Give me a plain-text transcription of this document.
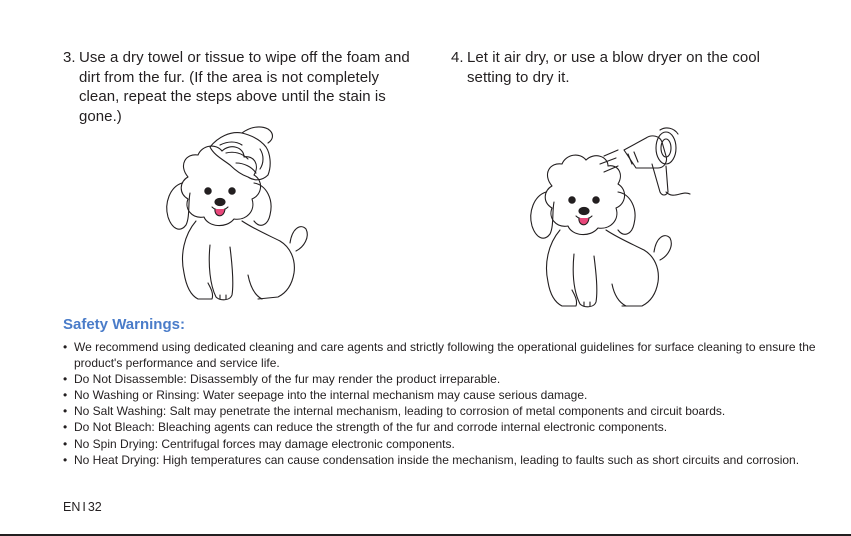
3. Use a dry towel or tissue to wipe off the foam and dirt from the fur. (If the area is not completely clean, repeat the steps above until the stain is gone.)
4. Let it air dry, or use a blow dryer on the cool setting to dry it.
Safety Warnings:
• We recommend using dedicated cleaning and care agents and strictly following the operational guidelines for surface cleaning to ensure the product's performance and service life.
• Do Not Disassemble: Disassembly of the fur may render the product irreparable.
• No Washing or Rinsing: Water seepage into the internal mechanism may cause serious damage.
• No Salt Washing: Salt may penetrate the internal mechanism, leading to corrosion of metal components and circuit boards.
• Do Not Bleach: Bleaching agents can reduce the strength of the fur and corrode internal electronic components.
• No Spin Drying: Centrifugal forces may damage electronic components.
• No Heat Drying: High temperatures can cause condensation inside the mechanism, leading to faults such as short circuits and corrosion.
EN I 32
